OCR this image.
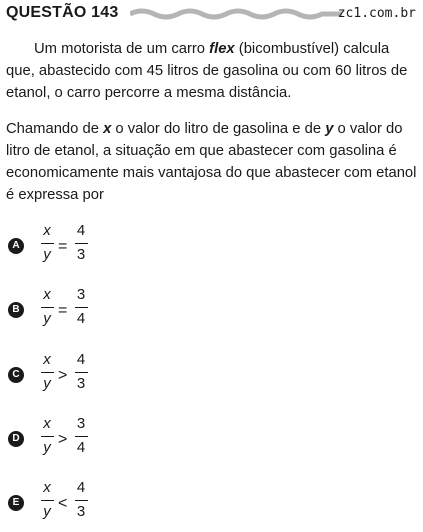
QUESTÃO 143	zc1.com.br

Um motorista de um carro flex (bicombustível) calcula que, abastecido com 45 litros de gasolina ou com 60 litros de etanol, o carro percorre a mesma distância.

Chamando de x o valor do litro de gasolina e de y o valor do litro de etanol, a situação em que abastecer com gasolina é economicamente mais vantajosa do que abastecer com etanol é expressa por

A
x
y =
4
3
B
x
y =
3
4
C
x
y >
4
3
D
x
y >
3
4
E
x
y <
4
3
